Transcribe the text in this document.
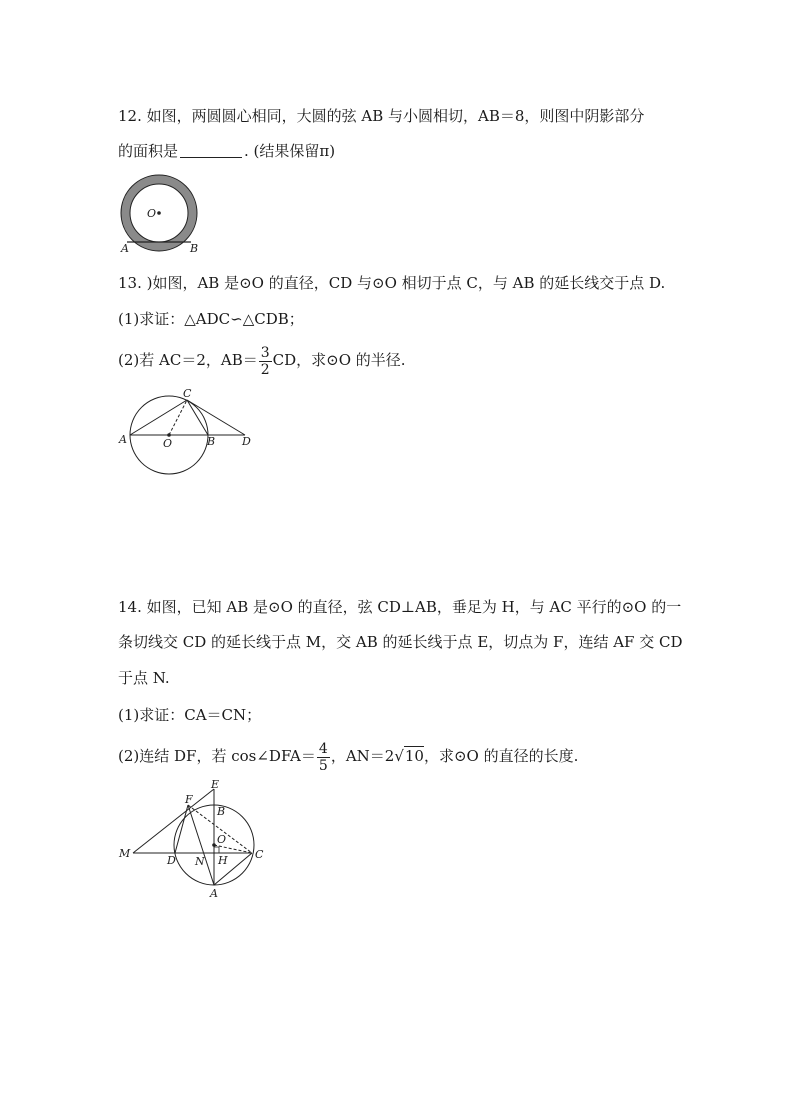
12. 如图，两圆圆心相同，大圆的弦 AB 与小圆相切，AB＝8，则图中阴影部分
的面积是	. (结果保留π)
O
A	B
13. )如图，AB 是⊙O 的直径，CD 与⊙O 相切于点 C，与 AB 的延长线交于点 D.
(1)求证：△ADC∽△CDB；
(2)若 AC＝2，$AB= \frac{3}{2}$ CD，求⊙O 的半径.
C
A	O	B D
14. 如图，已知 AB 是⊙O 的直径，弦 CD⊥AB，垂足为 H，与 AC 平行的⊙O 的一
条切线交 CD 的延长线于点 M，交 AB 的延长线于点 E，切点为 F，连结 AF 交 CD
于点 N.
(1)求证：CA＝CN；
(2)连结 DF，若 cos∠DFA＝ $\frac{4}{5}$ ，AN＝2√10，求⊙O 的直径的长度.
E
F
B
O
M
D N H C
A
